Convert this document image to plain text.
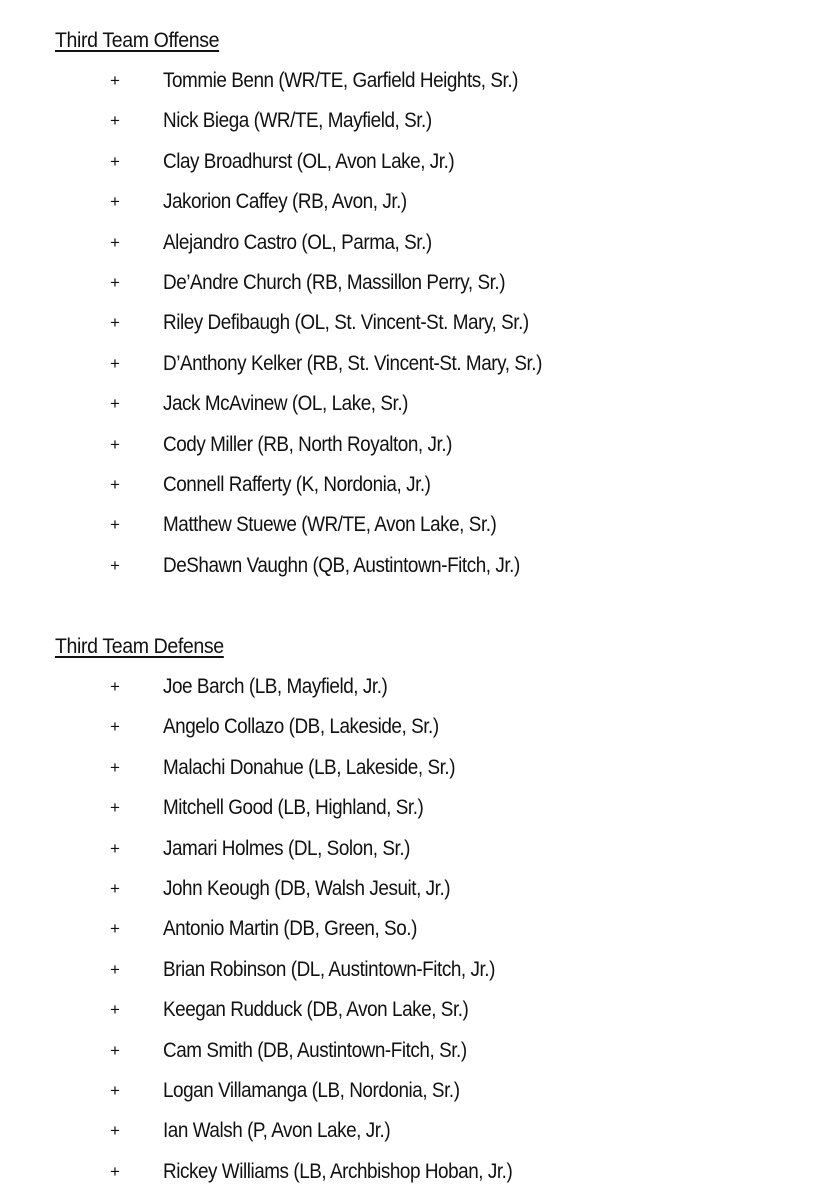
Third Team Offense
+ Tommie Benn (WR/TE, Garfield Heights, Sr.)
+ Nick Biega (WR/TE, Mayfield, Sr.)
+ Clay Broadhurst (OL, Avon Lake, Jr.)
+ Jakorion Caffey (RB, Avon, Jr.)
+ Alejandro Castro (OL, Parma, Sr.)
+ De’Andre Church (RB, Massillon Perry, Sr.)
+ Riley Defibaugh (OL, St. Vincent-St. Mary, Sr.)
+ D’Anthony Kelker (RB, St. Vincent-St. Mary, Sr.)
+ Jack McAvinew (OL, Lake, Sr.)
+ Cody Miller (RB, North Royalton, Jr.)
+ Connell Rafferty (K, Nordonia, Jr.)
+ Matthew Stuewe (WR/TE, Avon Lake, Sr.)
+ DeShawn Vaughn (QB, Austintown-Fitch, Jr.)
Third Team Defense
+ Joe Barch (LB, Mayfield, Jr.)
+ Angelo Collazo (DB, Lakeside, Sr.)
+ Malachi Donahue (LB, Lakeside, Sr.)
+ Mitchell Good (LB, Highland, Sr.)
+ Jamari Holmes (DL, Solon, Sr.)
+ John Keough (DB, Walsh Jesuit, Jr.)
+ Antonio Martin (DB, Green, So.)
+ Brian Robinson (DL, Austintown-Fitch, Jr.)
+ Keegan Rudduck (DB, Avon Lake, Sr.)
+ Cam Smith (DB, Austintown-Fitch, Sr.)
+ Logan Villamanga (LB, Nordonia, Sr.)
+ Ian Walsh (P, Avon Lake, Jr.)
+ Rickey Williams (LB, Archbishop Hoban, Jr.)
